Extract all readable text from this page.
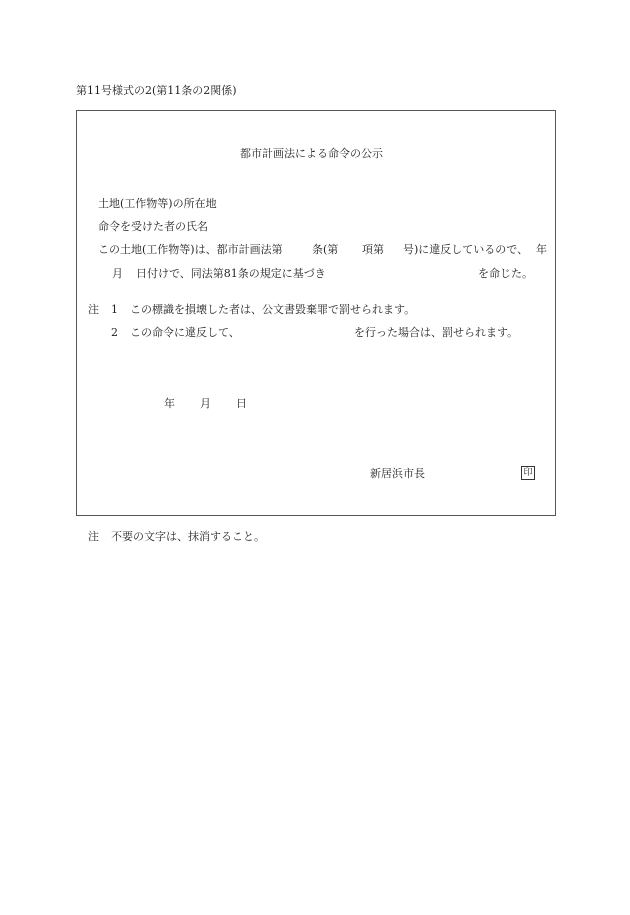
第11号様式の2(第11条の2関係)
都市計画法による命令の公示
土地(工作物等)の所在地
命令を受けた者の氏名
この土地(工作物等)は、都市計画法第	条(第 項第 号)に違反しているので、 年
月 日付けで、同法第81条の規定に基づき	を命じた。
注 1 この標識を損壊した者は、公文書毀棄罪で罰せられます。
2 この命令に違反して、	を行った場合は、罰せられます。
年 月 日
新居浜市長	印
注 不要の文字は、抹消すること。
